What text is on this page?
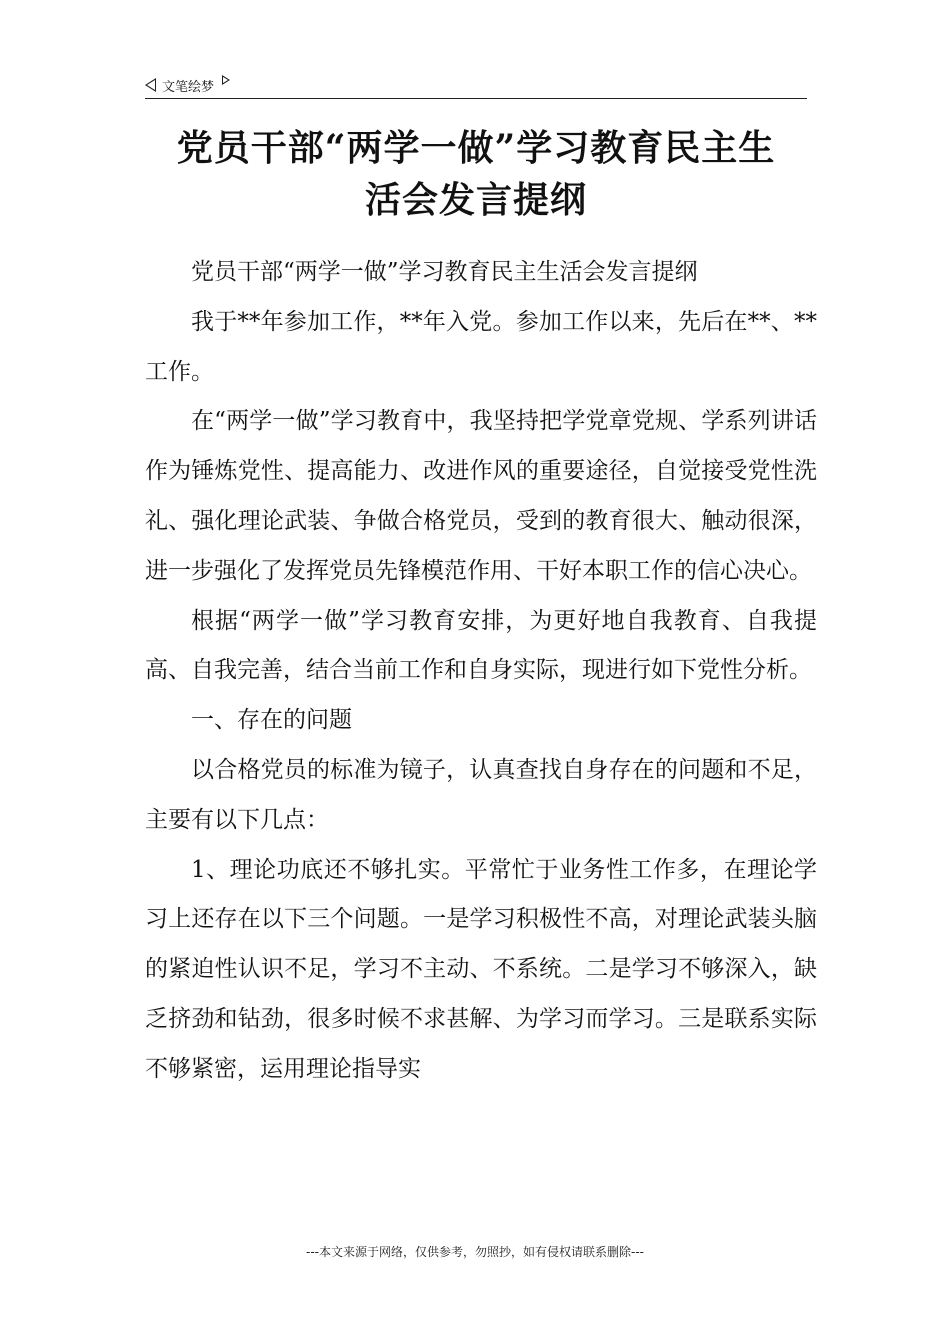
文笔绘梦
党员干部“两学一做”学习教育民主生
活会发言提纲

党员干部“两学一做”学习教育民主生活会发言提纲

我于**年参加工作，**年入党。参加工作以来，先后在**、**工作。

在“两学一做”学习教育中，我坚持把学党章党规、学系列讲话作为锤炼党性、提高能力、改进作风的重要途径，自觉接受党性洗礼、强化理论武装、争做合格党员，受到的教育很大、触动很深，进一步强化了发挥党员先锋模范作用、干好本职工作的信心决心。

根据“两学一做”学习教育安排，为更好地自我教育、自我提高、自我完善，结合当前工作和自身实际，现进行如下党性分析。

一、存在的问题

以合格党员的标准为镜子，认真查找自身存在的问题和不足，主要有以下几点：

1、理论功底还不够扎实。平常忙于业务性工作多，在理论学习上还存在以下三个问题。一是学习积极性不高，对理论武装头脑的紧迫性认识不足，学习不主动、不系统。二是学习不够深入，缺乏挤劲和钻劲，很多时候不求甚解、为学习而学习。三是联系实际不够紧密，运用理论指导实

---本文来源于网络，仅供参考，勿照抄，如有侵权请联系删除---
